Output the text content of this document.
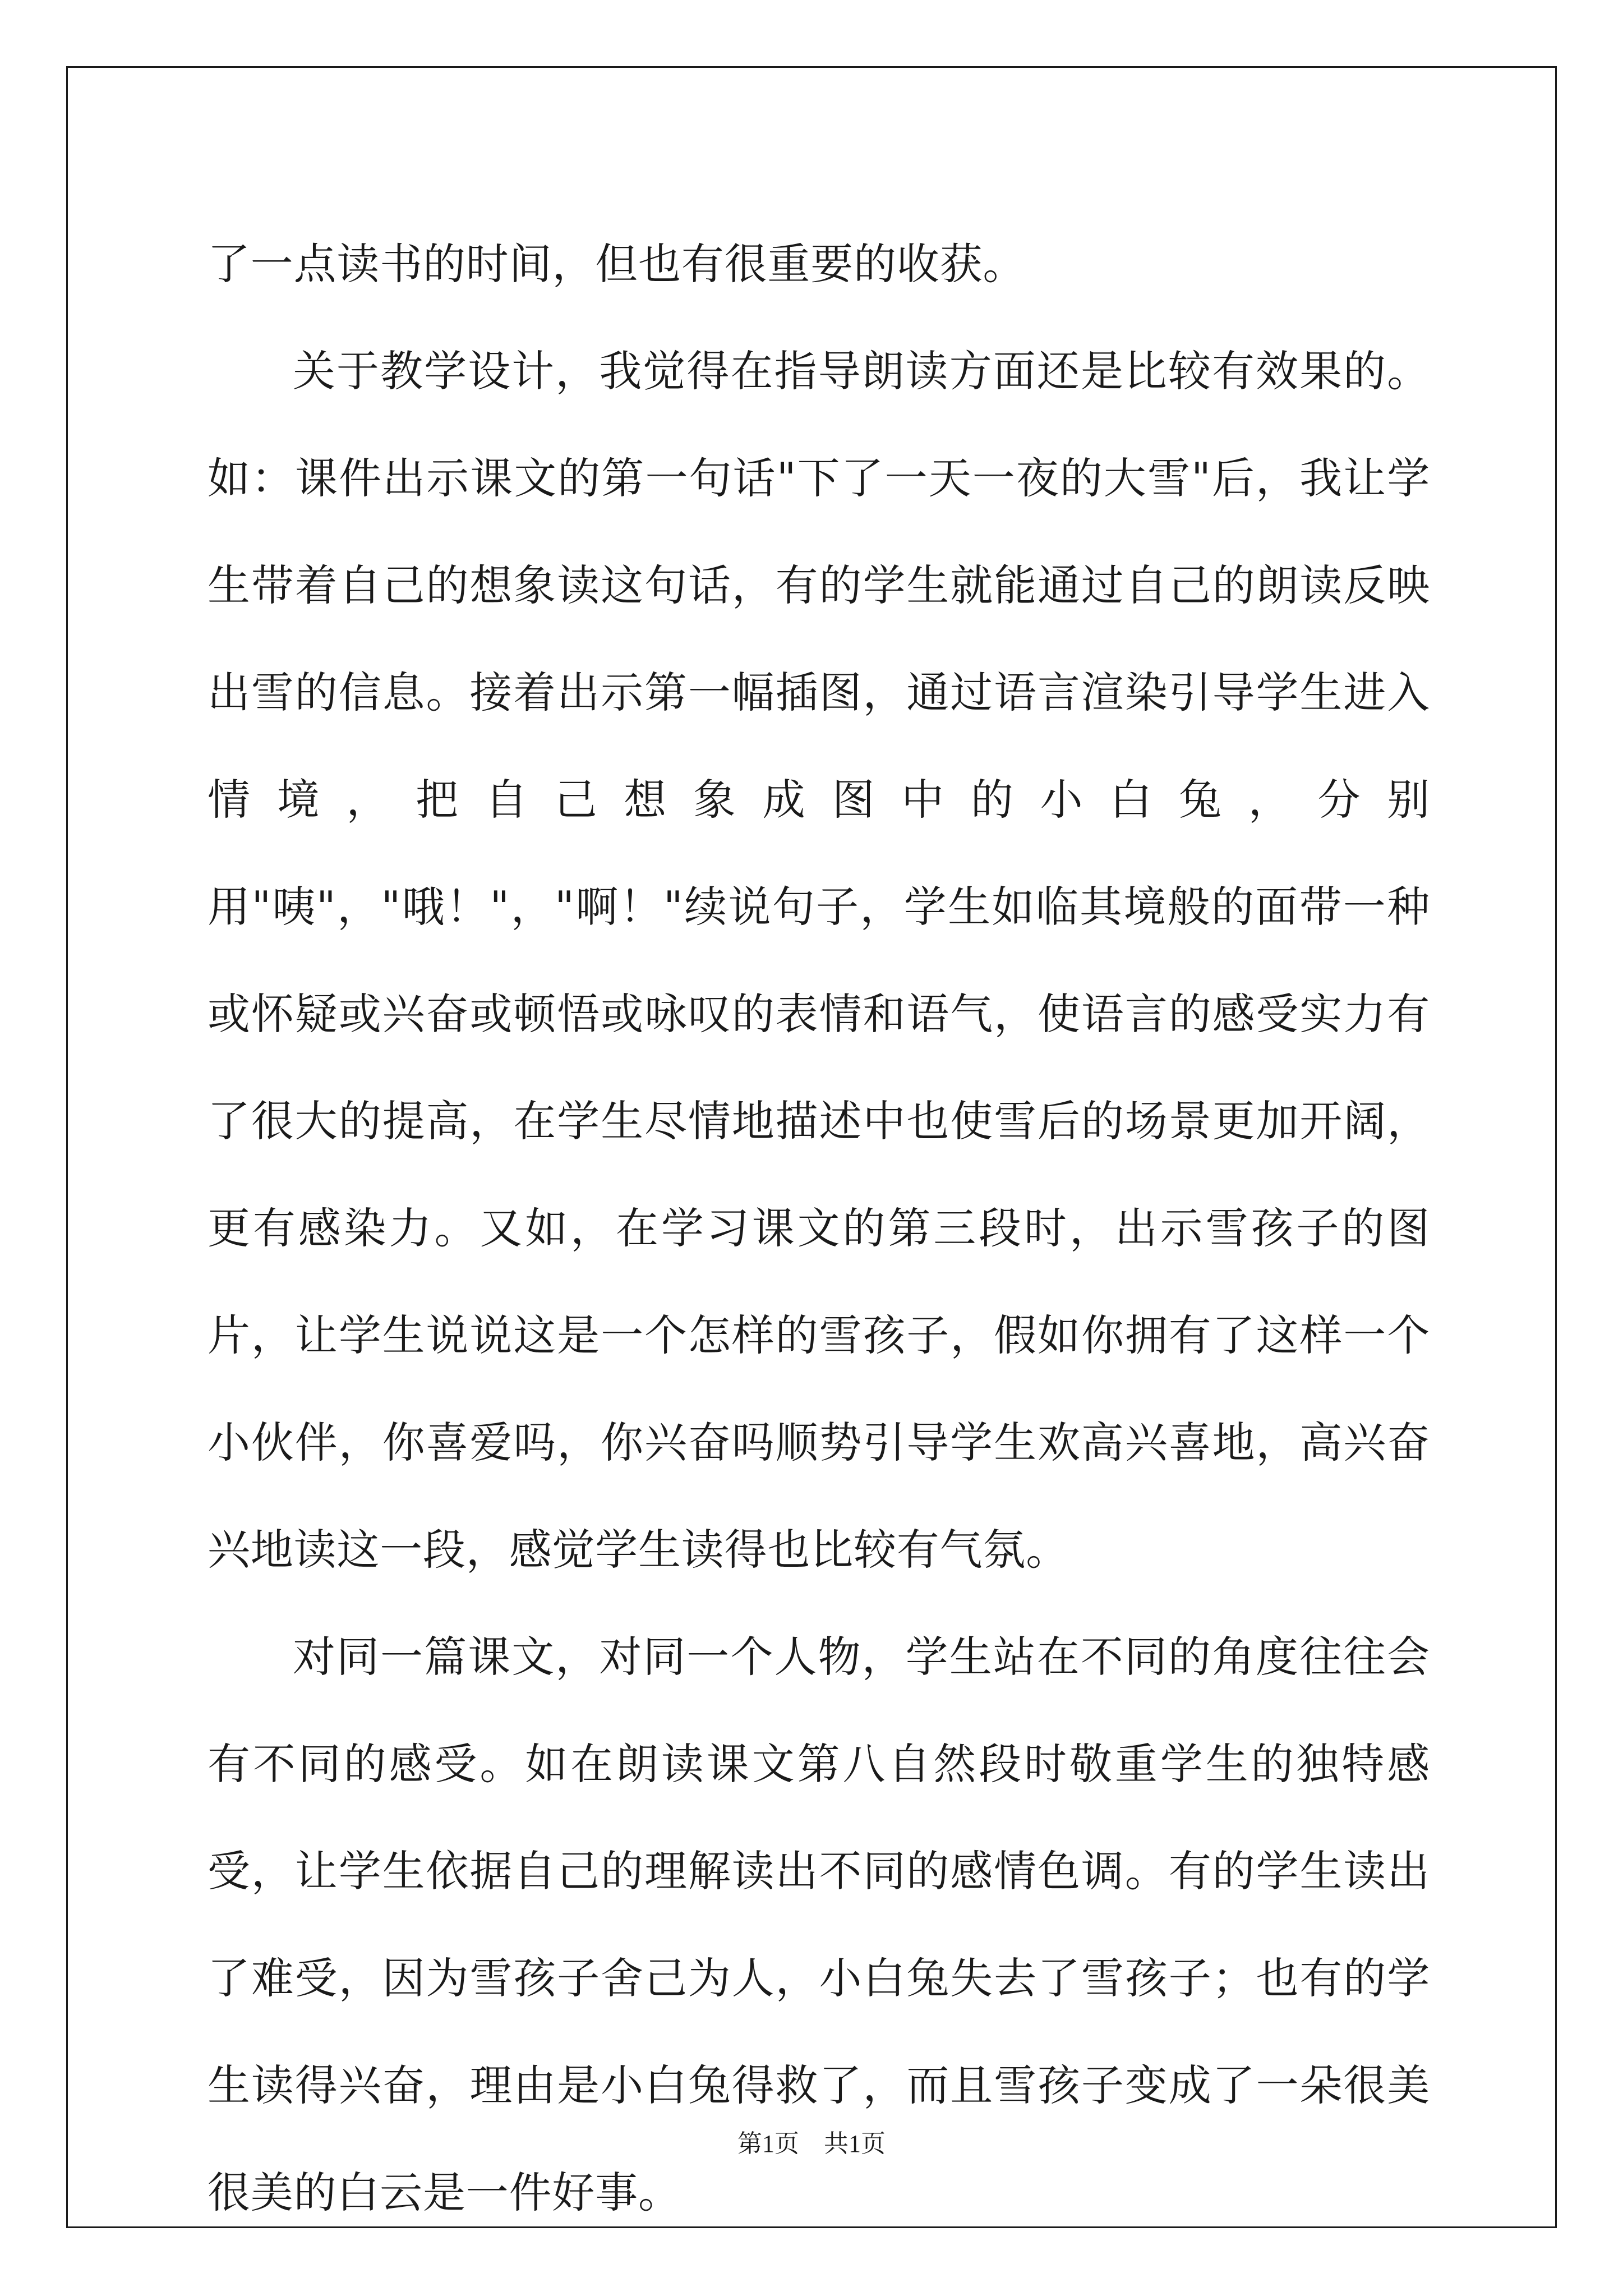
了一点读书的时间，但也有很重要的收获。

关于教学设计，我觉得在指导朗读方面还是比较有效果的。如：课件出示课文的第一句话"下了一天一夜的大雪"后，我让学生带着自己的想象读这句话，有的学生就能通过自己的朗读反映出雪的信息。接着出示第一幅插图，通过语言渲染引导学生进入情境，把自己想象成图中的小白兔，分别用"咦"，"哦！"，"啊！"续说句子，学生如临其境般的面带一种或怀疑或兴奋或顿悟或咏叹的表情和语气，使语言的感受实力有了很大的提高，在学生尽情地描述中也使雪后的场景更加开阔，更有感染力。又如，在学习课文的第三段时，出示雪孩子的图片，让学生说说这是一个怎样的雪孩子，假如你拥有了这样一个小伙伴，你喜爱吗，你兴奋吗顺势引导学生欢高兴喜地，高兴奋兴地读这一段，感觉学生读得也比较有气氛。

对同一篇课文，对同一个人物，学生站在不同的角度往往会有不同的感受。如在朗读课文第八自然段时敬重学生的独特感受，让学生依据自己的理解读出不同的感情色调。有的学生读出了难受，因为雪孩子舍己为人，小白兔失去了雪孩子；也有的学生读得兴奋，理由是小白兔得救了，而且雪孩子变成了一朵很美很美的白云是一件好事。

第1页　共1页
